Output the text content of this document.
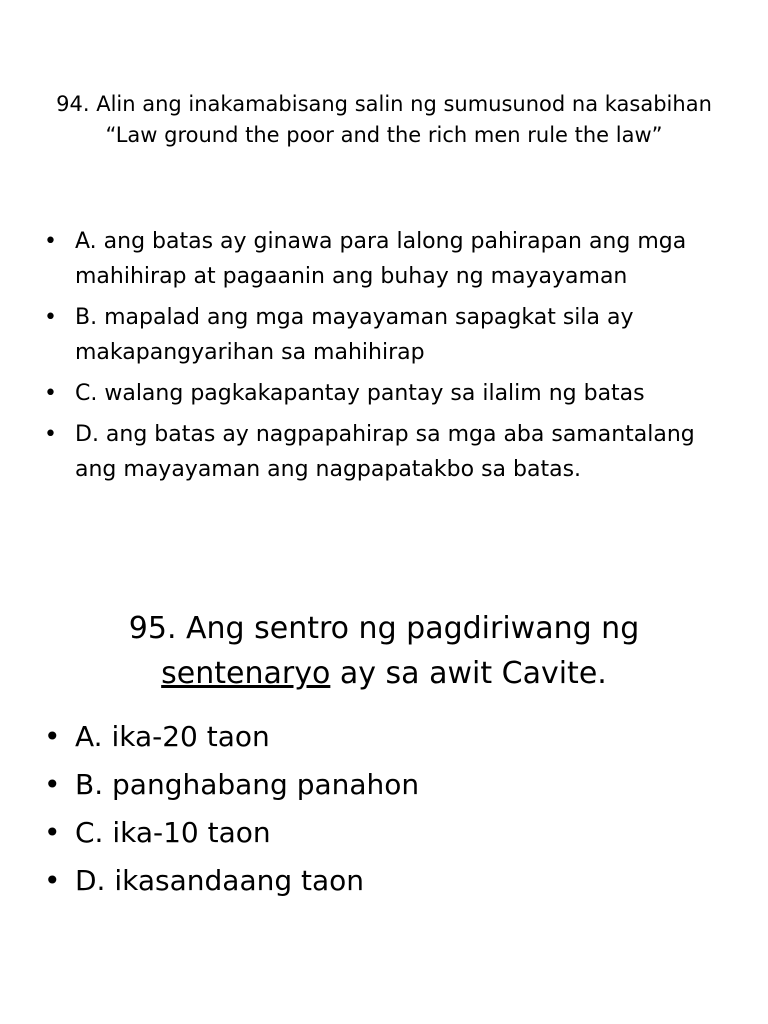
94. Alin ang inakamabisang salin ng sumusunod na kasabihan
“Law ground the poor and the rich men rule the law”
• A. ang batas ay ginawa para lalong pahirapan ang mga mahihirap at pagaanin ang buhay ng mayayaman
• B. mapalad ang mga mayayaman sapagkat sila ay makapangyarihan sa mahihirap
• C. walang pagkakapantay pantay sa ilalim ng batas
• D. ang batas ay nagpapahirap sa mga aba samantalang ang mayayaman ang nagpapatakbo sa batas.
95. Ang sentro ng pagdiriwang ng
sentenaryo ay sa awit Cavite.
• A. ika-20 taon
• B. panghabang panahon
• C. ika-10 taon
• D. ikasandaang taon
